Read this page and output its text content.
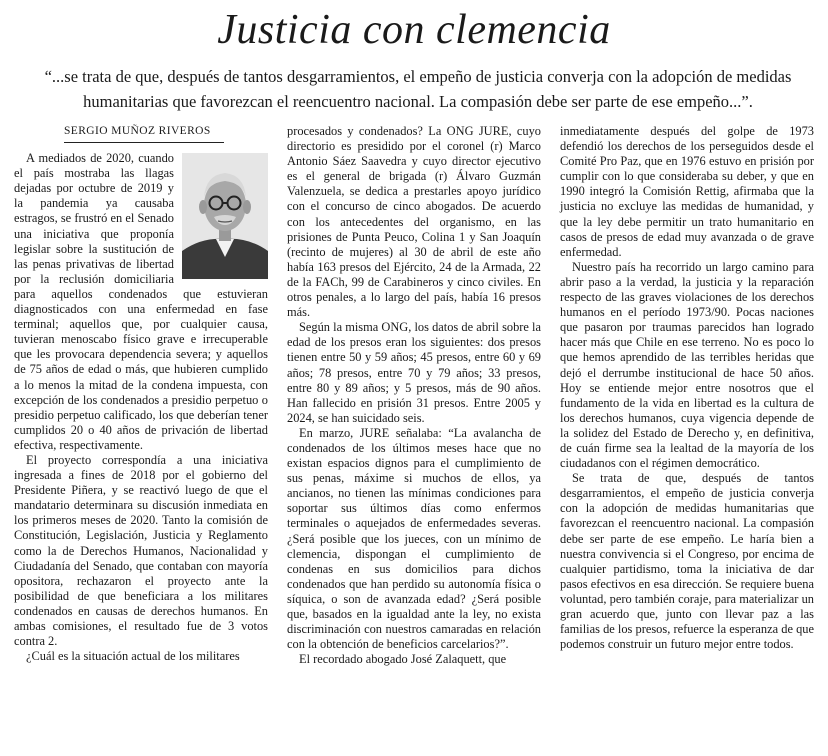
Justicia con clemencia
“...se trata de que, después de tantos desgarramientos, el empeño de justicia converja con la adopción de medidas humanitarias que favorezcan el reencuentro nacional. La compasión debe ser parte de ese empeño...”.
SERGIO MUÑOZ RIVEROS

A mediados de 2020, cuando el país mostraba las llagas dejadas por octubre de 2019 y la pandemia ya causaba estragos, se frustró en el Senado una iniciativa que proponía legislar sobre la sustitución de las penas privativas de libertad por la reclusión domiciliaria para aquellos condenados que estuvieran diagnosticados con una enfermedad en fase terminal; aquellos que, por cualquier causa, tuvieran menoscabo físico grave e irrecuperable que les provocara dependencia severa; y aquellos de 75 años de edad o más, que hubieren cumplido a lo menos la mitad de la condena impuesta, con excepción de los condenados a presidio perpetuo o presidio perpetuo calificado, los que deberían tener cumplidos 20 o 40 años de privación de libertad efectiva, respectivamente.

El proyecto correspondía a una iniciativa ingresada a fines de 2018 por el gobierno del Presidente Piñera, y se reactivó luego de que el mandatario determinara su discusión inmediata en los primeros meses de 2020. Tanto la comisión de Constitución, Legislación, Justicia y Reglamento como la de Derechos Humanos, Nacionalidad y Ciudadanía del Senado, que contaban con mayoría opositora, rechazaron el proyecto ante la posibilidad de que beneficiara a los militares condenados en causas de derechos humanos. En ambas comisiones, el resultado fue de 3 votos contra 2.

¿Cuál es la situación actual de los militares

procesados y condenados? La ONG JURE, cuyo directorio es presidido por el coronel (r) Marco Antonio Sáez Saavedra y cuyo director ejecutivo es el general de brigada (r) Álvaro Guzmán Valenzuela, se dedica a prestarles apoyo jurídico con el concurso de cinco abogados. De acuerdo con los antecedentes del organismo, en las prisiones de Punta Peuco, Colina 1 y San Joaquín (recinto de mujeres) al 30 de abril de este año había 163 presos del Ejército, 24 de la Armada, 22 de la FACh, 99 de Carabineros y cinco civiles. En otros penales, a lo largo del país, había 16 presos más.

Según la misma ONG, los datos de abril sobre la edad de los presos eran los siguientes: dos presos tienen entre 50 y 59 años; 45 presos, entre 60 y 69 años; 78 presos, entre 70 y 79 años; 33 presos, entre 80 y 89 años; y 5 presos, más de 90 años. Han fallecido en prisión 31 presos. Entre 2005 y 2024, se han suicidado seis.

En marzo, JURE señalaba: “La avalancha de condenados de los últimos meses hace que no existan espacios dignos para el cumplimiento de sus penas, máxime si muchos de ellos, ya ancianos, no tienen las mínimas condiciones para soportar sus últimos días como enfermos terminales o aquejados de enfermedades severas. ¿Será posible que los jueces, con un mínimo de clemencia, dispongan el cumplimiento de condenas en sus domicilios para dichos condenados que han perdido su autonomía física o síquica, o son de avanzada edad? ¿Será posible que, basados en la igualdad ante la ley, no exista discriminación con nuestros camaradas en relación con la obtención de beneficios carcelarios?”.

El recordado abogado José Zalaquett, que

inmediatamente después del golpe de 1973 defendió los derechos de los perseguidos desde el Comité Pro Paz, que en 1976 estuvo en prisión por cumplir con lo que consideraba su deber, y que en 1990 integró la Comisión Rettig, afirmaba que la justicia no excluye las medidas de humanidad, y que la ley debe permitir un trato humanitario en casos de presos de edad muy avanzada o de grave enfermedad.

Nuestro país ha recorrido un largo camino para abrir paso a la verdad, la justicia y la reparación respecto de las graves violaciones de los derechos humanos en el período 1973/90. Pocas naciones que pasaron por traumas parecidos han logrado hacer más que Chile en ese terreno. No es poco lo que hemos aprendido de las terribles heridas que dejó el derrumbe institucional de hace 50 años. Hoy se entiende mejor entre nosotros que el fundamento de la vida en libertad es la cultura de los derechos humanos, cuya vigencia depende de la solidez del Estado de Derecho y, en definitiva, de cuán firme sea la lealtad de la mayoría de los ciudadanos con el régimen democrático.

Se trata de que, después de tantos desgarramientos, el empeño de justicia converja con la adopción de medidas humanitarias que favorezcan el reencuentro nacional. La compasión debe ser parte de ese empeño. Le haría bien a nuestra convivencia si el Congreso, por encima de cualquier partidismo, toma la iniciativa de dar pasos efectivos en esa dirección. Se requiere buena voluntad, pero también coraje, para materializar un gran acuerdo que, junto con llevar paz a las familias de los presos, refuerce la esperanza de que podemos construir un futuro mejor entre todos.
